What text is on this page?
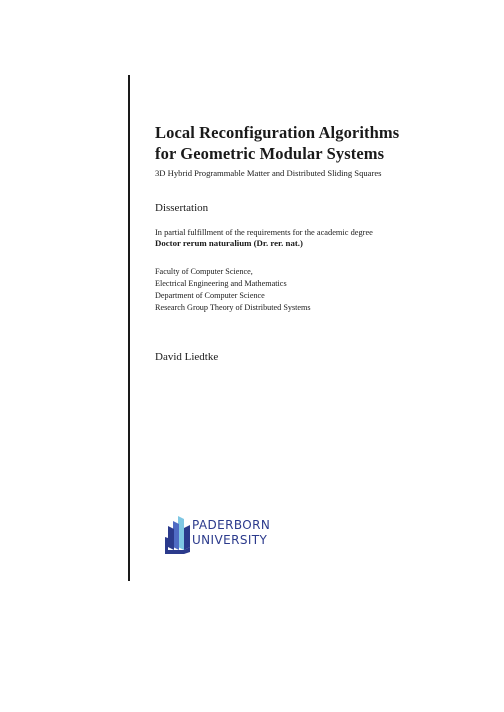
Local Reconfiguration Algorithms
for Geometric Modular Systems
3D Hybrid Programmable Matter and Distributed Sliding Squares
Dissertation
In partial fulfillment of the requirements for the academic degree
Doctor rerum naturalium (Dr. rer. nat.)
Faculty of Computer Science,
Electrical Engineering and Mathematics
Department of Computer Science
Research Group Theory of Distributed Systems
David Liedtke
PADERBORN
UNIVERSITY
